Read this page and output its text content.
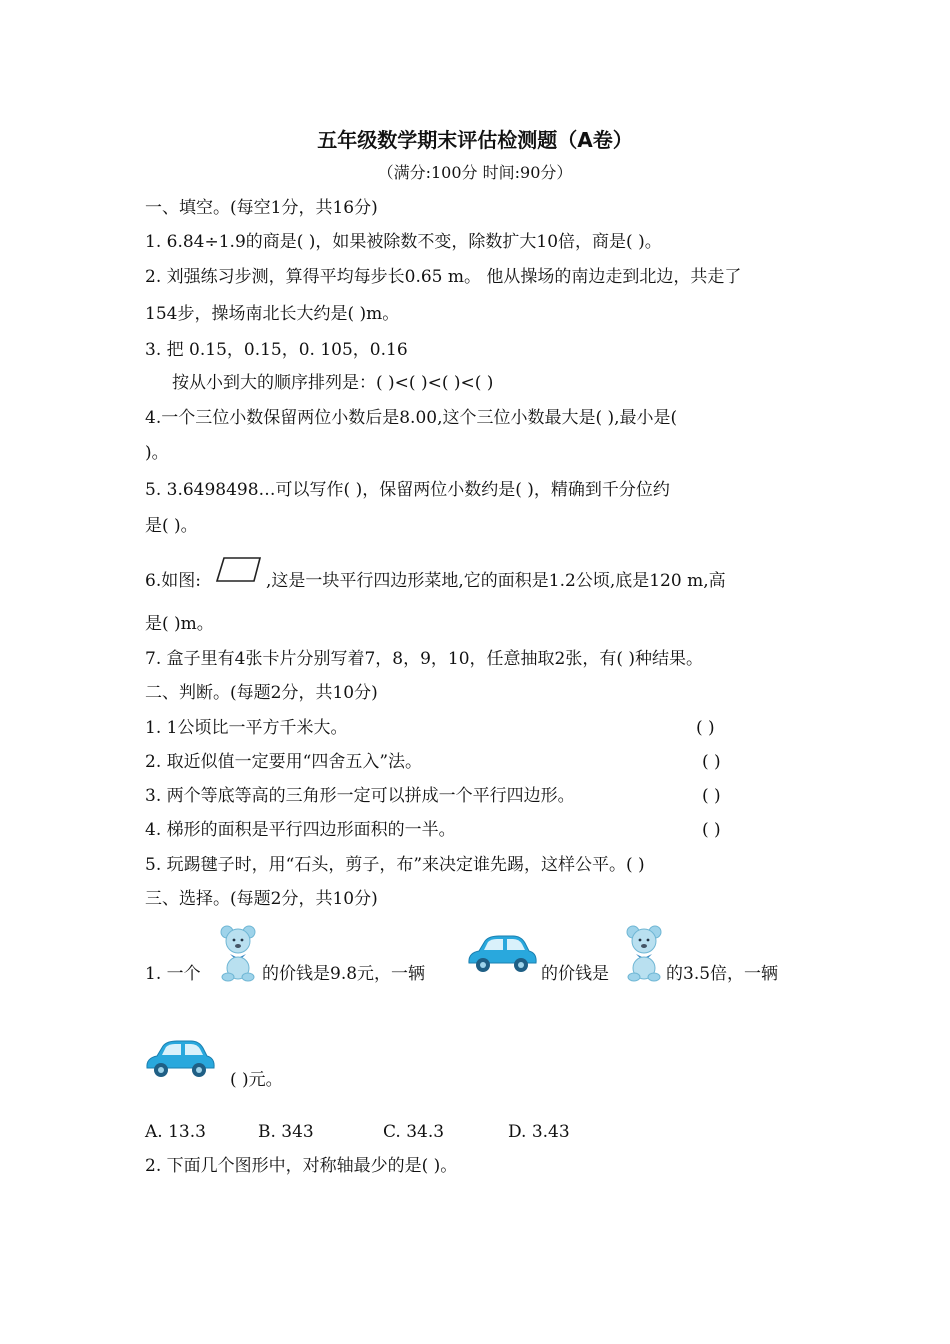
五年级数学期末评估检测题（A卷）
（满分:100分 时间:90分）
一、填空。(每空1分，共16分)
1. 6.84÷1.9的商是( )，如果被除数不变，除数扩大10倍，商是( )。
2. 刘强练习步测，算得平均每步长0.65 m。 他从操场的南边走到北边，共走了
154步，操场南北长大约是( )m。
3. 把 0.15，0.15，0. 105，0.16
按从小到大的顺序排列是：( )<( )<( )<( )
4.一个三位小数保留两位小数后是8.00,这个三位小数最大是( ),最小是(
)。
5. 3.6498498…可以写作( )，保留两位小数约是( )，精确到千分位约
是( )。
6.如图:	,这是一块平行四边形菜地,它的面积是1.2公顷,底是120 m,高
是( )m。
7. 盒子里有4张卡片分别写着7，8，9，10，任意抽取2张，有( )种结果。
二、判断。(每题2分，共10分)
1. 1公顷比一平方千米大。	( )
2. 取近似值一定要用“四舍五入”法。	( )
3. 两个等底等高的三角形一定可以拼成一个平行四边形。	( )
4. 梯形的面积是平行四边形面积的一半。	( )
5. 玩踢毽子时，用“石头，剪子，布”来决定谁先踢，这样公平。( )
三、选择。(每题2分，共10分)
1. 一个	的价钱是9.8元，一辆	的价钱是	的3.5倍，一辆
( )元。
A. 13.3	B. 343	C. 34.3	D. 3.43
2. 下面几个图形中，对称轴最少的是( )。
